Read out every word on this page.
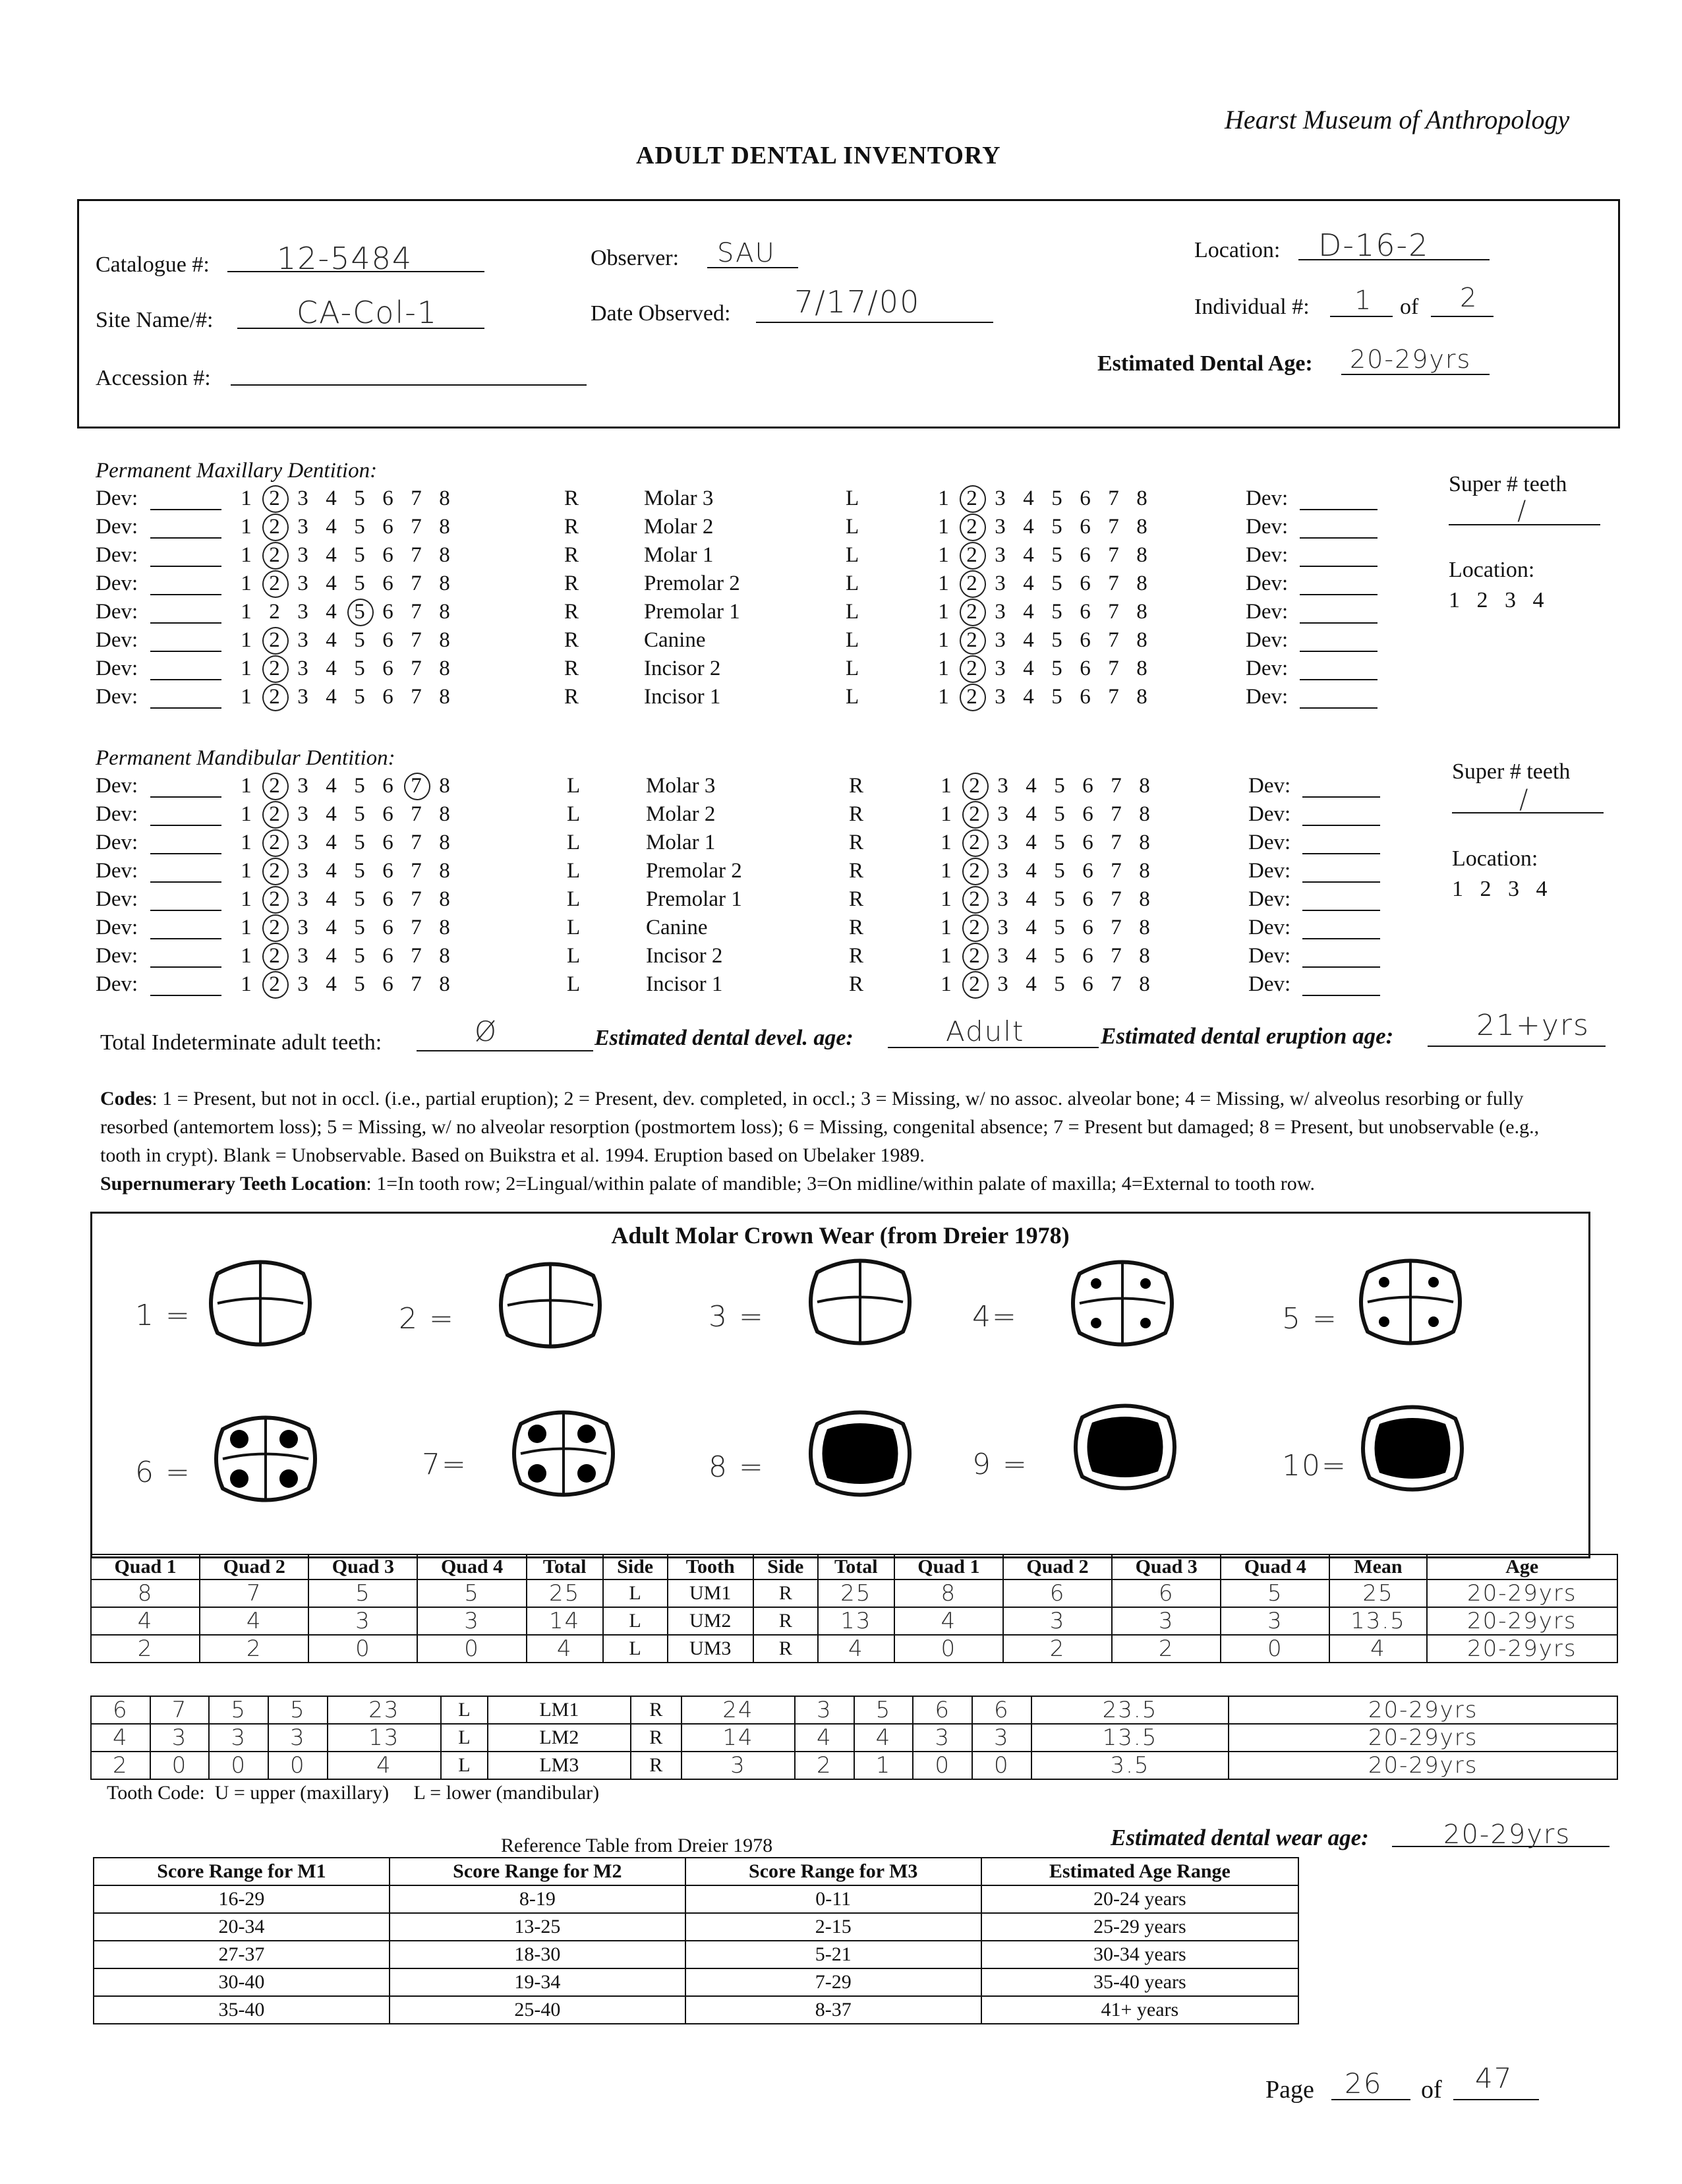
Hearst Museum of Anthropology
ADULT DENTAL INVENTORY
Catalogue #: 12-5484	Observer: SAU	Location: D-16-2
Site Name/#:	CA-Col-1	Date Observed: 7/17/00	Individual #: 1 of 2
Accession #:
Estimated Dental Age: 20-29yrs
Permanent Maxillary Dentition:
Dev:	1 2 3 4 5 6 7 8	R	Molar 3	L	1 2 3 4 5 6 7 8	Dev:
Dev:	1 2 3 4 5 6 7 8	R	Molar 2	L	1 2 3 4 5 6 7 8	Dev:
Dev:	1 2 3 4 5 6 7 8	R	Molar 1	L	1 2 3 4 5 6 7 8	Dev:
Dev:	1 2 3 4 5 6 7 8	R	Premolar 2	L	1 2 3 4 5 6 7 8	Dev:
Dev:	1 2 3 4 5 6 7 8	R	Premolar 1	L	1 2 3 4 5 6 7 8	Dev:
Dev:	1 2 3 4 5 6 7 8	R	Canine	L	1 2 3 4 5 6 7 8	Dev:
Dev:	1 2 3 4 5 6 7 8	R	Incisor 2	L	1 2 3 4 5 6 7 8	Dev:
Dev:	1 2 3 4 5 6 7 8	R	Incisor 1	L	1 2 3 4 5 6 7 8	Dev:
Super # teeth
/
Location:
1   2   3   4
Permanent Mandibular Dentition:
Dev:	1 2 3 4 5 6 7 8	L	Molar 3	R	1 2 3 4 5 6 7 8	Dev:
Dev:	1 2 3 4 5 6 7 8	L	Molar 2	R	1 2 3 4 5 6 7 8	Dev:
Dev:	1 2 3 4 5 6 7 8	L	Molar 1	R	1 2 3 4 5 6 7 8	Dev:
Dev:	1 2 3 4 5 6 7 8	L	Premolar 2	R	1 2 3 4 5 6 7 8	Dev:
Dev:	1 2 3 4 5 6 7 8	L	Premolar 1	R	1 2 3 4 5 6 7 8	Dev:
Dev:	1 2 3 4 5 6 7 8	L	Canine	R	1 2 3 4 5 6 7 8	Dev:
Dev:	1 2 3 4 5 6 7 8	L	Incisor 2	R	1 2 3 4 5 6 7 8	Dev:
Dev:	1 2 3 4 5 6 7 8	L	Incisor 1	R	1 2 3 4 5 6 7 8	Dev:
Super # teeth
/
Location:
1   2   3   4
Total Indeterminate adult teeth:	Ø	Estimated dental devel. age:	Adult	Estimated dental eruption age:	21+yrs
Codes: 1 = Present, but not in occl. (i.e., partial eruption); 2 = Present, dev. completed, in occl.; 3 = Missing, w/ no assoc. alveolar bone; 4 = Missing, w/ alveolus resorbing or fully resorbed (antemortem loss); 5 = Missing, w/ no alveolar resorption (postmortem loss); 6 = Missing, congenital absence; 7 = Present but damaged; 8 = Present, but unobservable (e.g., tooth in crypt). Blank = Unobservable. Based on Buikstra et al. 1994. Eruption based on Ubelaker 1989.
Supernumerary Teeth Location: 1=In tooth row; 2=Lingual/within palate of mandible; 3=On midline/within palate of maxilla; 4=External to tooth row.
Adult Molar Crown Wear (from Dreier 1978)
1 =	2 =	3 =	4=	5 =
6 =	7=	8 =	9 =	10=
Quad 1	Quad 2	Quad 3	Quad 4	Total	Side	Tooth	Side	Total	Quad 1	Quad 2	Quad 3	Quad 4	Mean	Age
8	7	5	5	25	L	UM1	R	25	8	6	6	5	25	20-29yrs
4	4	3	3	14	L	UM2	R	13	4	3	3	3	13.5	20-29yrs
2	2	0	0	4	L	UM3	R	4	0	2	2	0	4	20-29yrs
6	7	5	5	23	L	LM1	R	24	3	5	6	6	23.5	20-29yrs
4	3	3	3	13	L	LM2	R	14	4	4	3	3	13.5	20-29yrs
2	0	0	0	4	L	LM3	R	3	2	1	0	0	3.5	20-29yrs
Tooth Code:  U = upper (maxillary)     L = lower (mandibular)
Reference Table from Dreier 1978	Estimated dental wear age:	20-29yrs
Score Range for M1	Score Range for M2	Score Range for M3	Estimated Age Range
16-29	8-19	0-11	20-24 years
20-34	13-25	2-15	25-29 years
27-37	18-30	5-21	30-34 years
30-40	19-34	7-29	35-40 years
35-40	25-40	8-37	41+ years
Page 26 of 47
